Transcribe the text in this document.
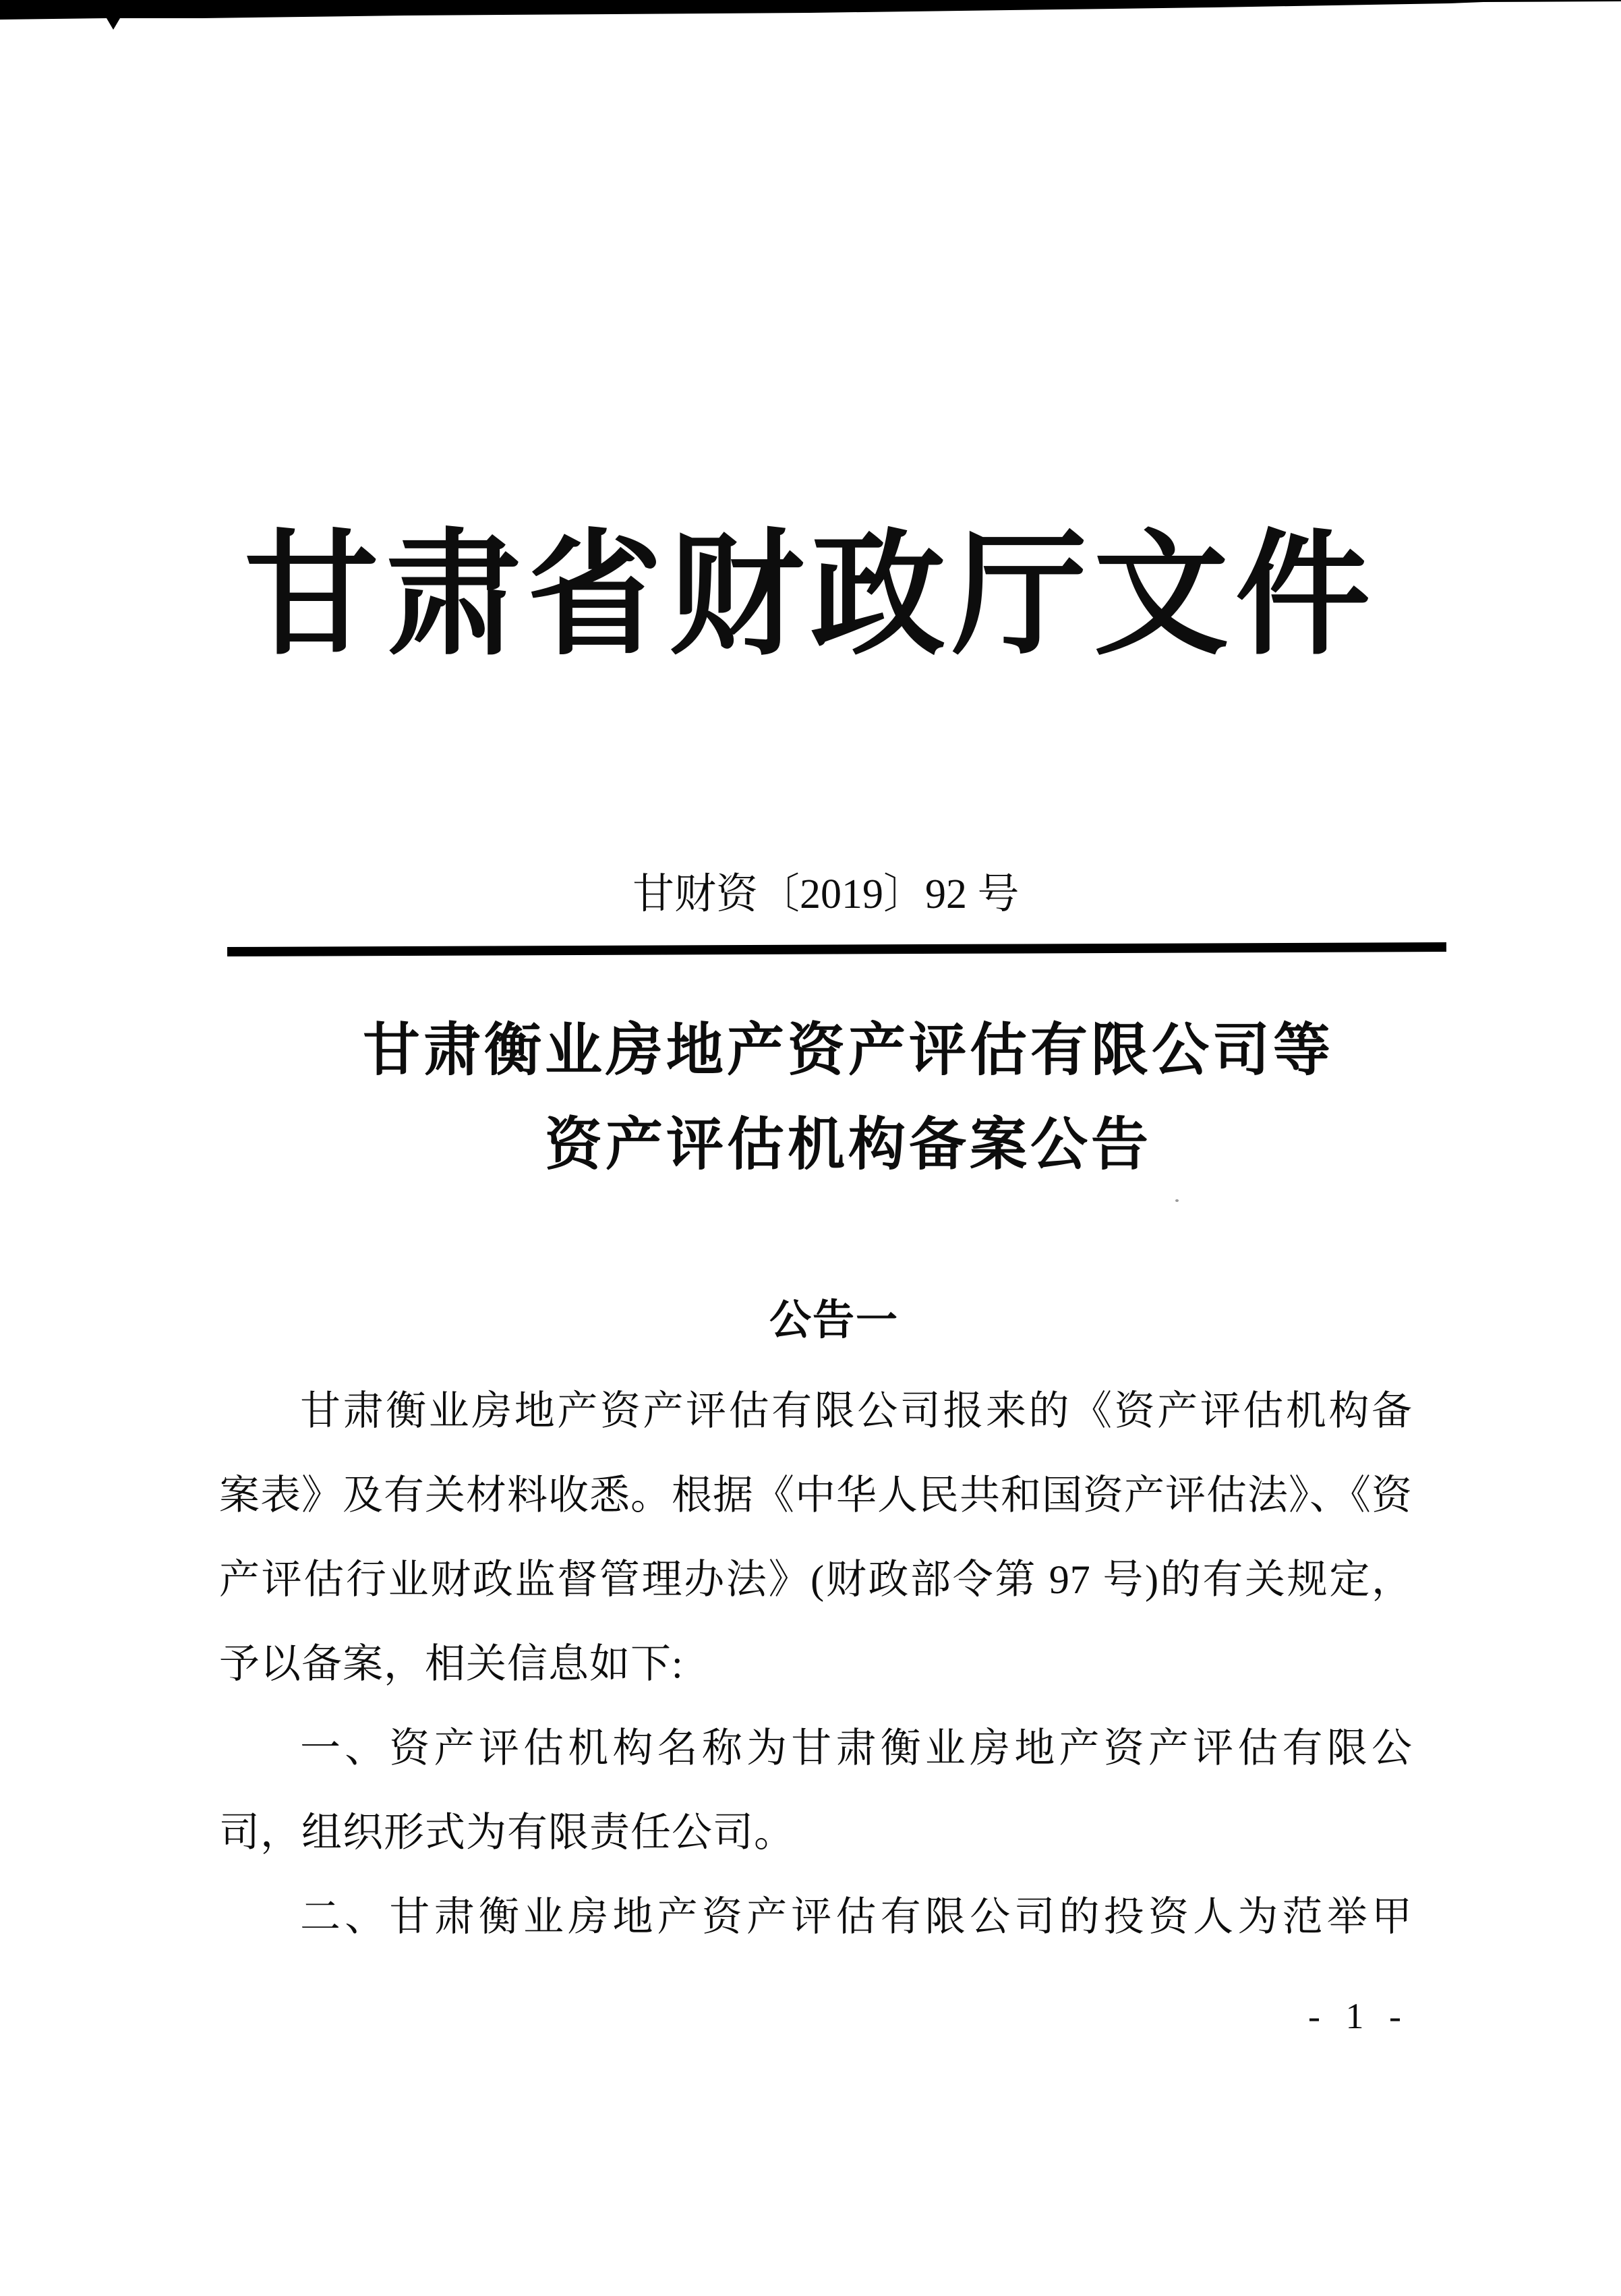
甘肃省财政厅文件
甘财资〔2019〕92 号
甘肃衡业房地产资产评估有限公司等
资产评估机构备案公告
公告一
甘肃衡业房地产资产评估有限公司报来的《资产评估机构备
案表》及有关材料收悉。根据《中华人民共和国资产评估法》、《资
产评估行业财政监督管理办法》(财政部令第 97 号)的有关规定，
予以备案，相关信息如下:
一、资产评估机构名称为甘肃衡业房地产资产评估有限公
司，组织形式为有限责任公司。
二、甘肃衡业房地产资产评估有限公司的投资人为范举甲
- 1 -
